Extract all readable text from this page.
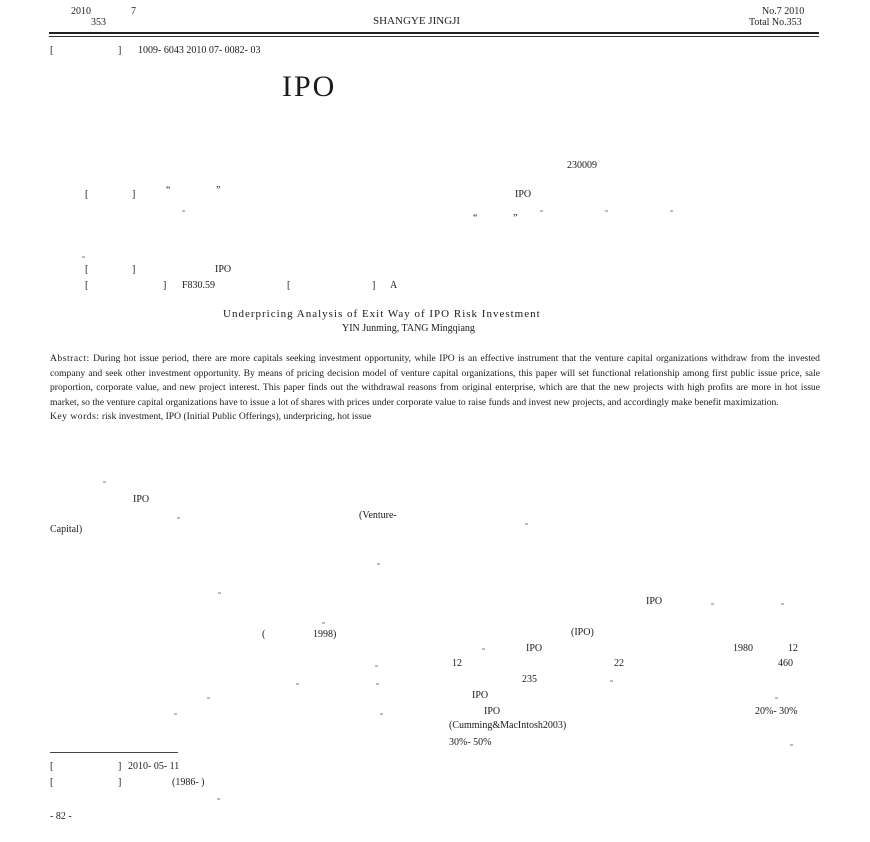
2010	7
353	SHANGYE JINGJI
No.7 2010
Total No.353
[	] 1009- 6043 2010 07- 0082- 03
IPO
230009
[	]	“	”	IPO
“	”
[	]	IPO
[	] F830.59	[	] A
Underpricing Analysis of Exit Way of IPO Risk Investment
YIN Junming, TANG Mingqiang
Abstract: During hot issue period, there are more capitals seeking investment opportunity, while IPO is an effective instrument that the venture capital organizations withdraw from the invested company and seek other investment opportunity. By means of pricing decision model of venture capital organizations, this paper will set functional relationship among first public issue price, sale proportion, corporate value, and new project interest. This paper finds out the withdrawal reasons from original enterprise, which are that the new projects with high profits are more in hot issue market, so the venture capital organizations have to issue a lot of shares with prices under corporate value to raise funds and invest new projects, and accordingly make benefit maximization.
Key words: risk investment, IPO (Initial Public Offerings), underpricing, hot issue
IPO
(Venture-
Capital)
IPO
(	1998)	(IPO)
IPO	1980	12
12	22	460
235
IPO
IPO	20%- 30%
(Cumming&MacIntosh2003)
30%- 50%
[	] 2010- 05- 11
[	]	(1986- )
- 82 -
